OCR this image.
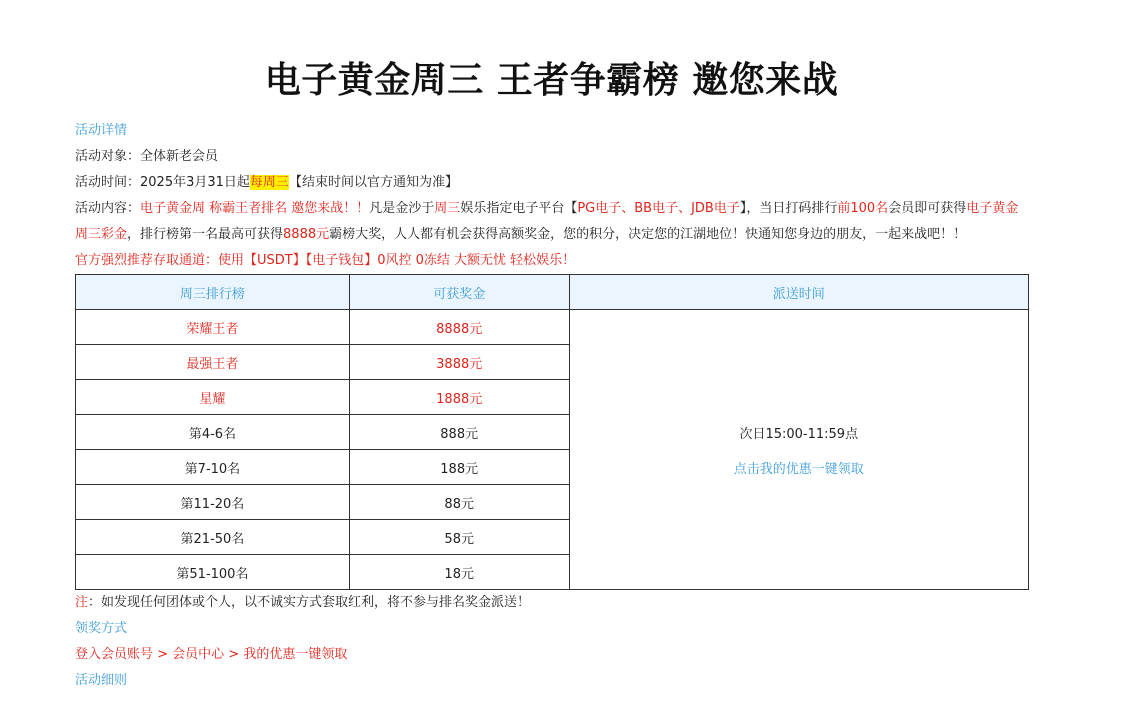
电子黄金周三 王者争霸榜 邀您来战
活动详情
活动对象：全体新老会员
活动时间：2025年3月31日起每周三【结束时间以官方通知为准】
活动内容：电子黄金周 称霸王者排名 邀您来战！！凡是金沙于周三娱乐指定电子平台【PG电子、BB电子、JDB电子】，当日打码排行前100名会员即可获得电子黄金周三彩金，排行榜第一名最高可获得8888元霸榜大奖，人人都有机会获得高额奖金，您的积分，决定您的江湖地位！快通知您身边的朋友，一起来战吧！！
官方强烈推荐存取通道：使用【USDT】【电子钱包】0风控 0冻结 大额无忧 轻松娱乐！
周三排行榜	可获奖金	派送时间
荣耀王者	8888元	次日15:00-11:59点
点击我的优惠一键领取

最强王者	3888元	
星耀	1888元	
第4-6名	888元	
第7-10名	188元	
第11-20名	88元	
第21-50名	58元	
第51-100名	18元	
注：如发现任何团体或个人，以不诚实方式套取红利，将不参与排名奖金派送！
领奖方式
登入会员账号 > 会员中心 > 我的优惠一键领取
活动细则
